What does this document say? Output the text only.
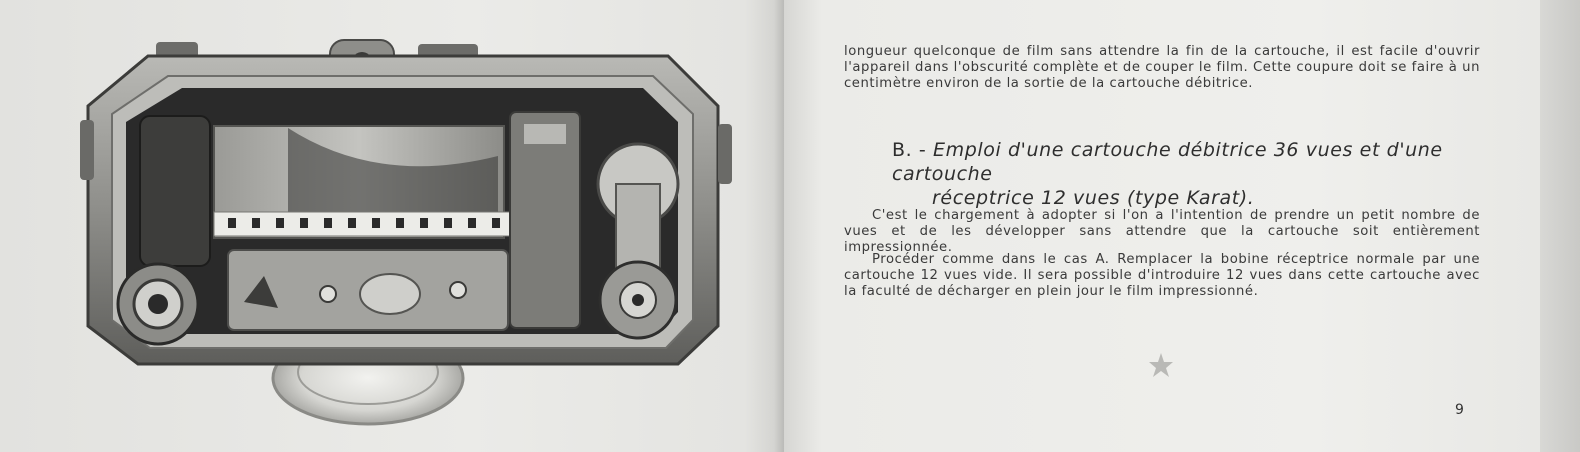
longueur quelconque de film sans attendre la fin de la cartouche, il est facile d'ouvrir l'appareil dans l'obscurité complète et de couper le film. Cette coupure doit se faire à un centimètre environ de la sortie de la cartouche débitrice.

B. - Emploi d'une cartouche débitrice 36 vues et d'une cartouche
réceptrice 12 vues (type Karat).

C'est le chargement à adopter si l'on a l'intention de prendre un petit nombre de vues et de les développer sans attendre que la cartouche soit entièrement impressionnée.

Procéder comme dans le cas A. Remplacer la bobine réceptrice normale par une cartouche 12 vues vide. Il sera possible d'introduire 12 vues dans cette cartouche avec la faculté de décharger en plein jour le film impressionné.

9
